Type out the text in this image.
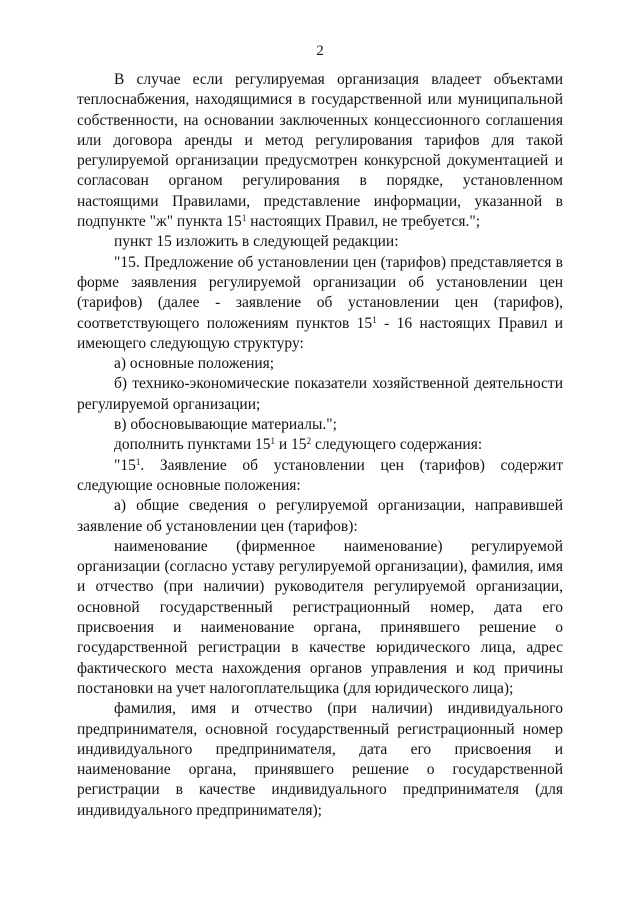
2

В случае если регулируемая организация владеет объектами теплоснабжения, находящимися в государственной или муниципальной собственности, на основании заключенных концессионного соглашения или договора аренды и метод регулирования тарифов для такой регулируемой организации предусмотрен конкурсной документацией и согласован органом регулирования в порядке, установленном настоящими Правилами, представление информации, указанной в подпункте "ж" пункта $15^1$ настоящих Правил, не требуется.";

пункт 15 изложить в следующей редакции:

"15. Предложение об установлении цен (тарифов) представляется в форме заявления регулируемой организации об установлении цен (тарифов) (далее - заявление об установлении цен (тарифов), соответствующего положениям пунктов $15^1 - 16$ настоящих Правил и имеющего следующую структуру:

а) основные положения;

б) технико-экономические показатели хозяйственной деятельности регулируемой организации;

в) обосновывающие материалы.";

дополнить пунктами $15^1$ и $15^2$ следующего содержания:

"$15^1$. Заявление об установлении цен (тарифов) содержит следующие основные положения:

а) общие сведения о регулируемой организации, направившей заявление об установлении цен (тарифов):

наименование (фирменное наименование) регулируемой организации (согласно уставу регулируемой организации), фамилия, имя и отчество (при наличии) руководителя регулируемой организации, основной государственный регистрационный номер, дата его присвоения и наименование органа, принявшего решение о государственной регистрации в качестве юридического лица, адрес фактического места нахождения органов управления и код причины постановки на учет налогоплательщика (для юридического лица);

фамилия, имя и отчество (при наличии) индивидуального предпринимателя, основной государственный регистрационный номер индивидуального предпринимателя, дата его присвоения и наименование органа, принявшего решение о государственной регистрации в качестве индивидуального предпринимателя (для индивидуального предпринимателя);
